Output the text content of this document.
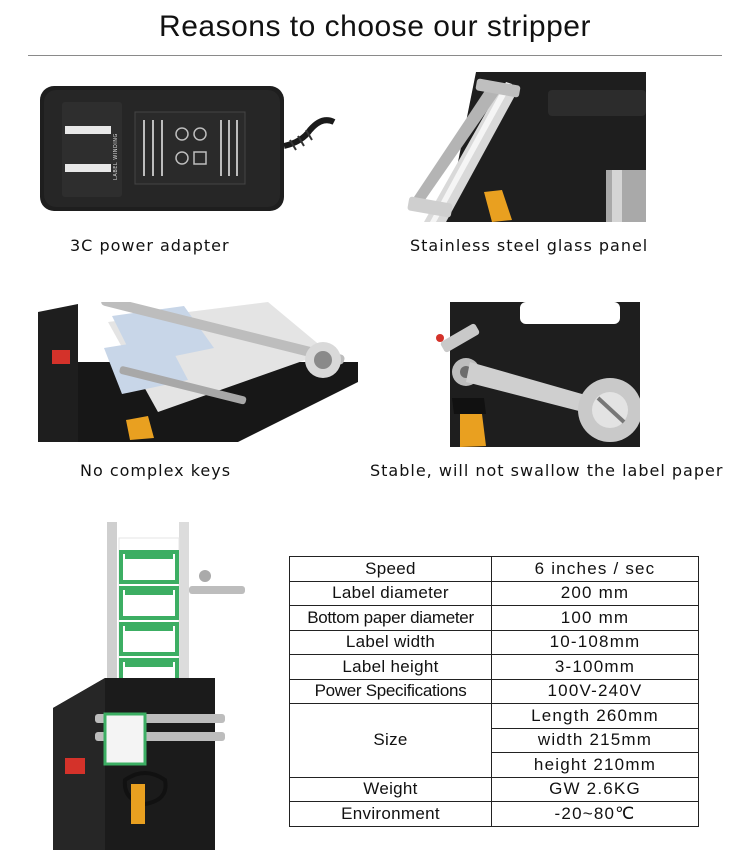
Reasons to choose our stripper
LABEL WINDING
3C power adapter	Stainless steel glass panel
No complex keys	Stable, will not swallow the label paper
Speed	6 inches / sec
Label diameter	200 mm
Bottom paper diameter	100 mm
Label width	10-108mm
Label height	3-100mm
Power Specifications	100V-240V
Size	Length 260mm
	width 215mm
	height 210mm
Weight	GW 2.6KG
Environment	-20~80℃
